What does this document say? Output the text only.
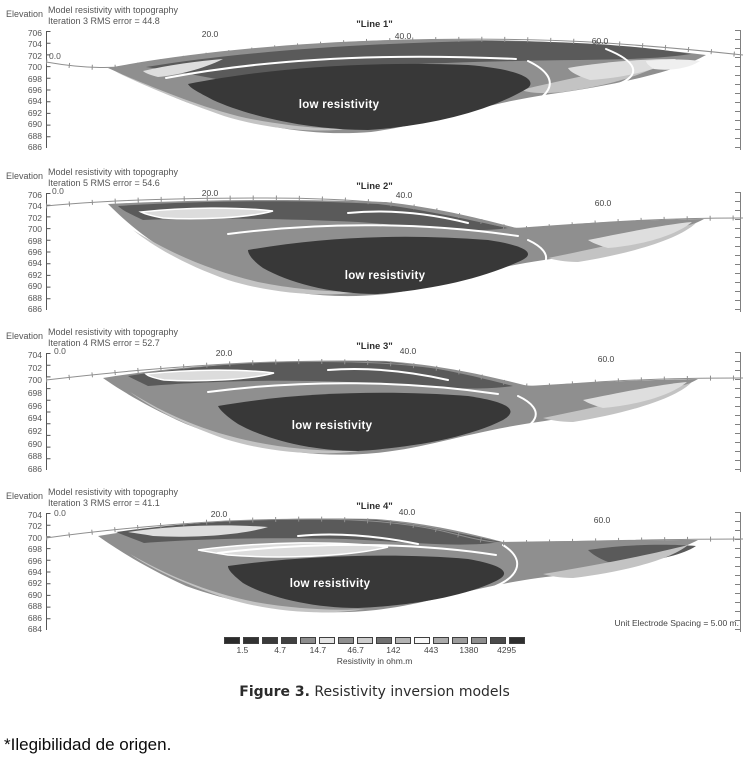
Elevation Model resistivity with topography
Iteration 3 RMS error = 44.8	"Line 1"
706
704
702
700
698
696
694
692
690
688
686
20.0	40.0	60.0
0.0
low resistivity
Elevation Model resistivity with topography
Iteration 5 RMS error = 54.6	"Line 2"
706
704
702
700
698
696
694
692
690
688
686
20.0	40.0
60.0
0.0
low resistivity
Elevation Model resistivity with topography
Iteration 4 RMS error = 52.7	"Line 3"
704
702
700
698
696
694
692
690
688
686
20.0	40.0
60.0
0.0
low resistivity
Elevation Model resistivity with topography
Iteration 3 RMS error = 41.1	"Line 4"
704
702
700
698
696
694
692
690
688
686
684
20.0	40.0
60.0
0.0
low resistivity
Unit Electrode Spacing = 5.00 m.
1.5	4.7	14.7	46.7	142	443	1380	4295
Resistivity in ohm.m
Figure 3. Resistivity inversion models
*Ilegibilidad de origen.
